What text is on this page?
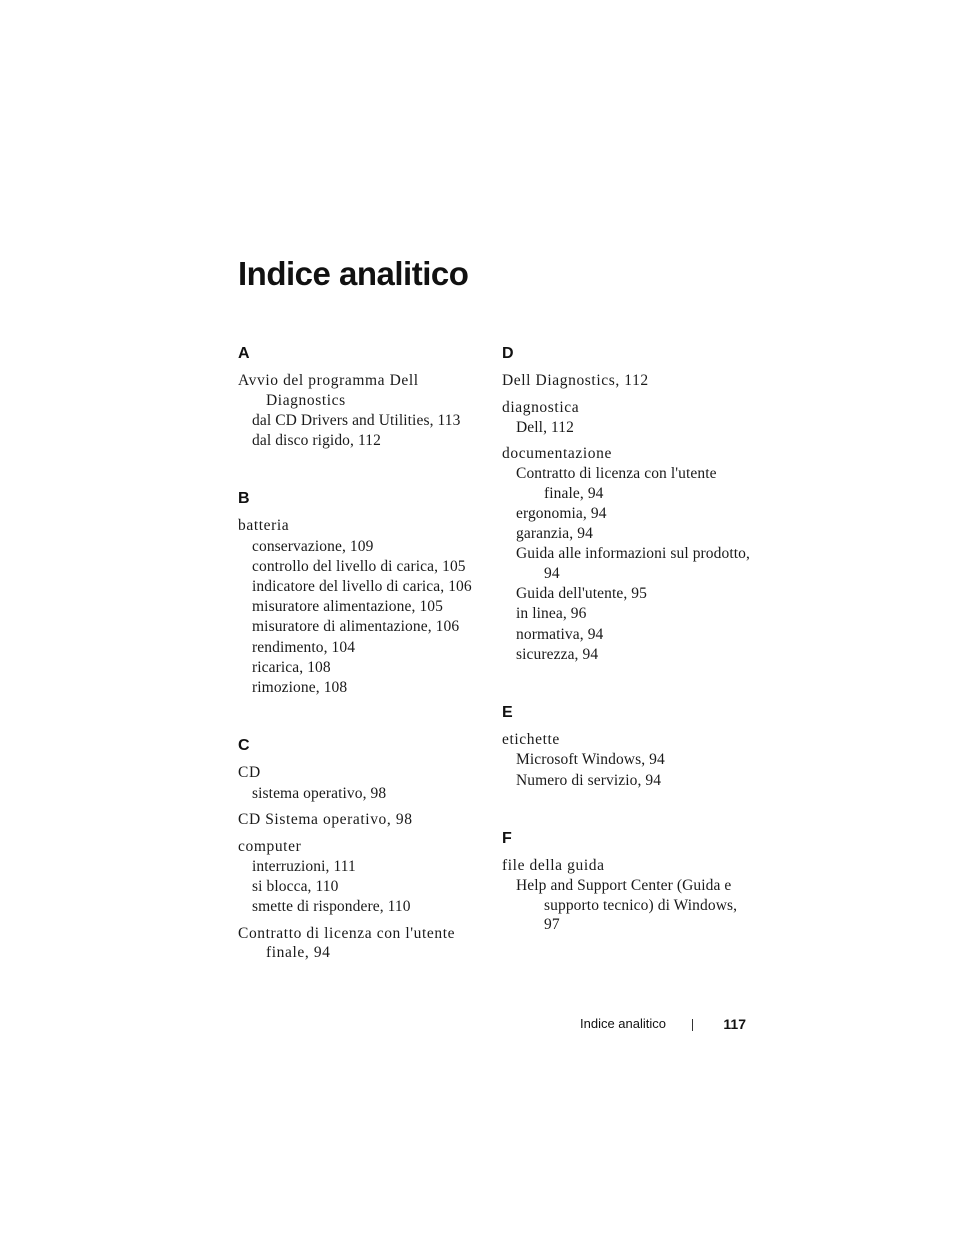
Indice analitico
A
Avvio del programma Dell Diagnostics
dal CD Drivers and Utilities, 113
dal disco rigido, 112
B
batteria
conservazione, 109
controllo del livello di carica, 105
indicatore del livello di carica, 106
misuratore alimentazione, 105
misuratore di alimentazione, 106
rendimento, 104
ricarica, 108
rimozione, 108
C
CD
sistema operativo, 98
CD Sistema operativo, 98
computer
interruzioni, 111
si blocca, 110
smette di rispondere, 110
Contratto di licenza con l'utente finale, 94
D
Dell Diagnostics, 112
diagnostica
Dell, 112
documentazione
Contratto di licenza con l'utente finale, 94
ergonomia, 94
garanzia, 94
Guida alle informazioni sul prodotto, 94
Guida dell'utente, 95
in linea, 96
normativa, 94
sicurezza, 94
E
etichette
Microsoft Windows, 94
Numero di servizio, 94
F
file della guida
Help and Support Center (Guida e supporto tecnico) di Windows, 97
Indice analitico	117
